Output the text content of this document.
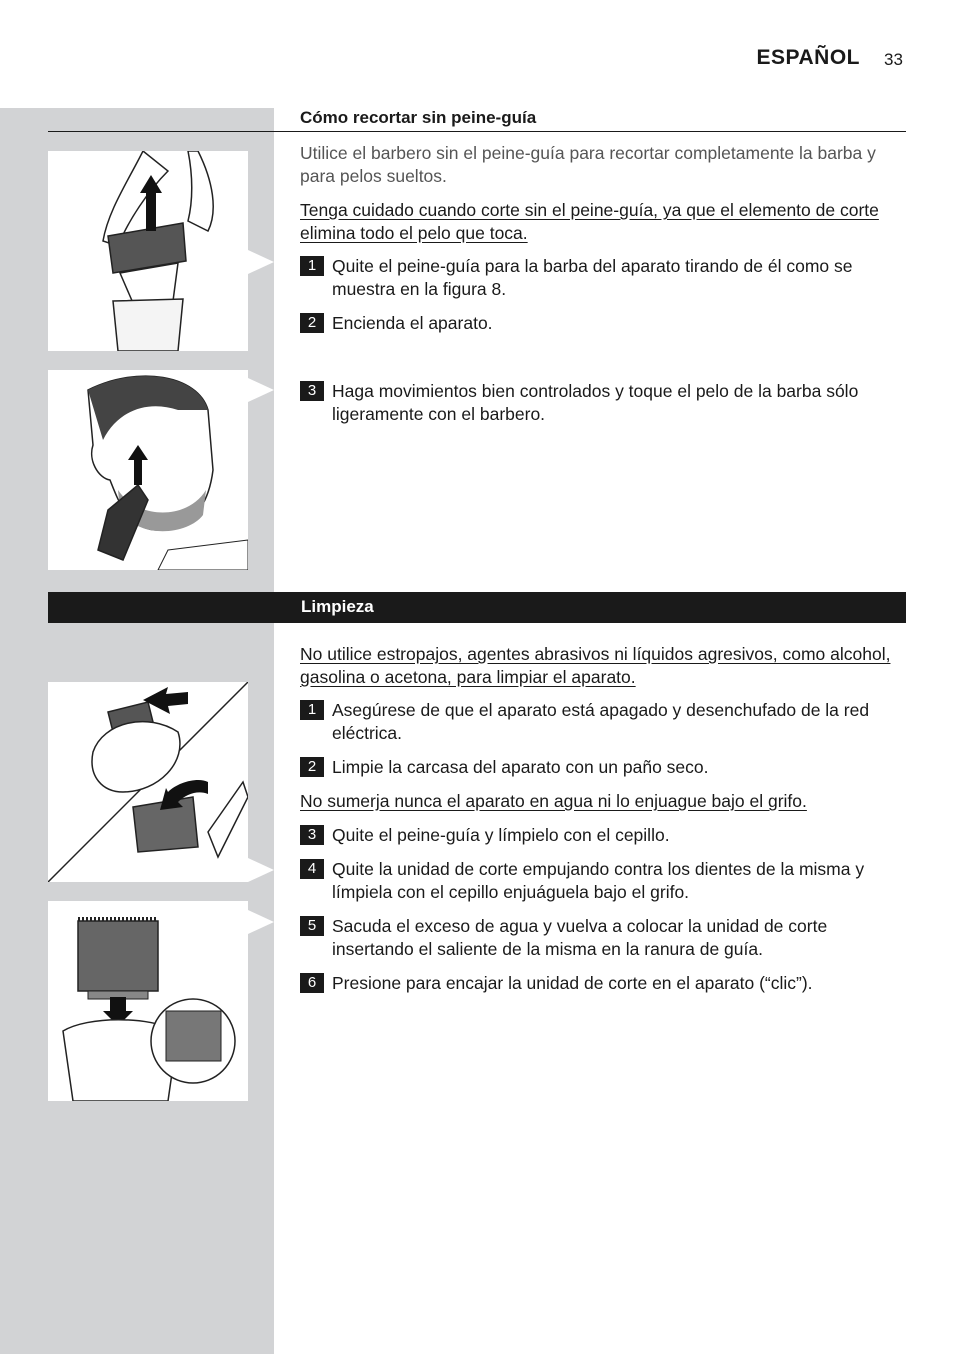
ESPAÑOL 33
Cómo recortar sin peine-guía
Utilice el barbero sin el peine-guía para recortar completamente la barba y para pelos sueltos.
Tenga cuidado cuando corte sin el peine-guía, ya que el elemento de corte elimina todo el pelo que toca.
1 Quite el peine-guía para la barba del aparato tirando de él como se muestra en la figura 8.
2 Encienda el aparato.
3 Haga movimientos bien controlados y toque el pelo de la barba sólo ligeramente con el barbero.
Limpieza
No utilice estropajos, agentes abrasivos ni líquidos agresivos, como alcohol, gasolina o acetona, para limpiar el aparato.
1 Asegúrese de que el aparato está apagado y desenchufado de la red eléctrica.
2 Limpie la carcasa del aparato con un paño seco.
No sumerja nunca el aparato en agua ni lo enjuague bajo el grifo.
3 Quite el peine-guía y límpielo con el cepillo.
4 Quite la unidad de corte empujando contra los dientes de la misma y límpiela con el cepillo enjuáguela bajo el grifo.
5 Sacuda el exceso de agua y vuelva a colocar la unidad de corte insertando el saliente de la misma en la ranura de guía.
6 Presione para encajar la unidad de corte en el aparato (“clic”).
